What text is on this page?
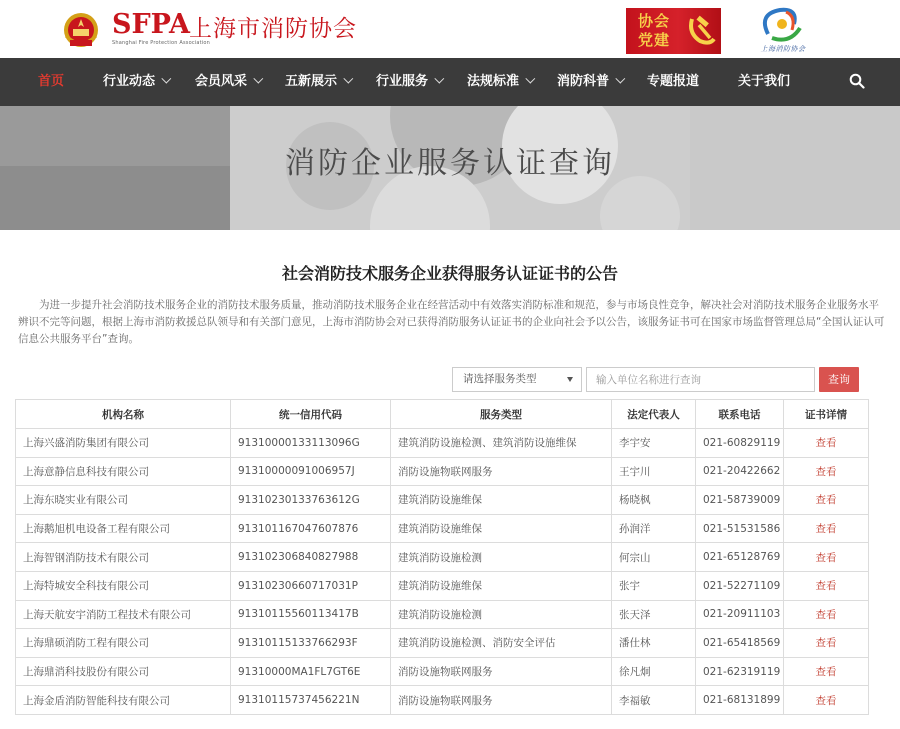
SFPA
Shanghai Fire Protection Association
上海市消防协会	协会党建	上海消防协会
首页	行业动态	会员风采	五新展示	行业服务	法规标准	消防科普	专题报道	关于我们
消防企业服务认证查询
社会消防技术服务企业获得服务认证证书的公告
为进一步提升社会消防技术服务企业的消防技术服务质量，推动消防技术服务企业在经营活动中有效落实消防标准和规范，参与市场良性竞争，解决社会对消防技术服务企业服务水平辨识不完等问题，根据上海市消防救援总队领导和有关部门意见，上海市消防协会对已获得消防服务认证证书的企业向社会予以公告，该服务证书可在国家市场监督管理总局“全国认证认可信息公共服务平台”查询。
请选择服务类型
输入单位名称进行查询	查询
机构名称	统一信用代码	服务类型	法定代表人	联系电话	证书详情
上海兴盛消防集团有限公司	91310000133113096G	建筑消防设施检测、建筑消防设施维保	李宇安	021-60829119	查看
上海意静信息科技有限公司	91310000091006957J	消防设施物联网服务	王宇川	021-20422662	查看
上海东晓实业有限公司	91310230133763612G	建筑消防设施维保	杨晓枫	021-58739009	查看
上海鹅旭机电设备工程有限公司	913101167047607876	建筑消防设施维保	孙润洋	021-51531586	查看
上海智钢消防技术有限公司	913102306840827988	建筑消防设施检测	何宗山	021-65128769	查看
上海特城安全科技有限公司	91310230660717031P	建筑消防设施维保	张宇	021-52271109	查看
上海天航安宇消防工程技术有限公司	91310115560113417B	建筑消防设施检测	张天泽	021-20911103	查看
上海鼎硕消防工程有限公司	91310115133766293F	建筑消防设施检测、消防安全评估	潘仕林	021-65418569	查看
上海鼎消科技股份有限公司	91310000MA1FL7GT6E	消防设施物联网服务	徐凡炯	021-62319119	查看
上海金盾消防智能科技有限公司	91310115737456221N	消防设施物联网服务	李福敏	021-68131899	查看
